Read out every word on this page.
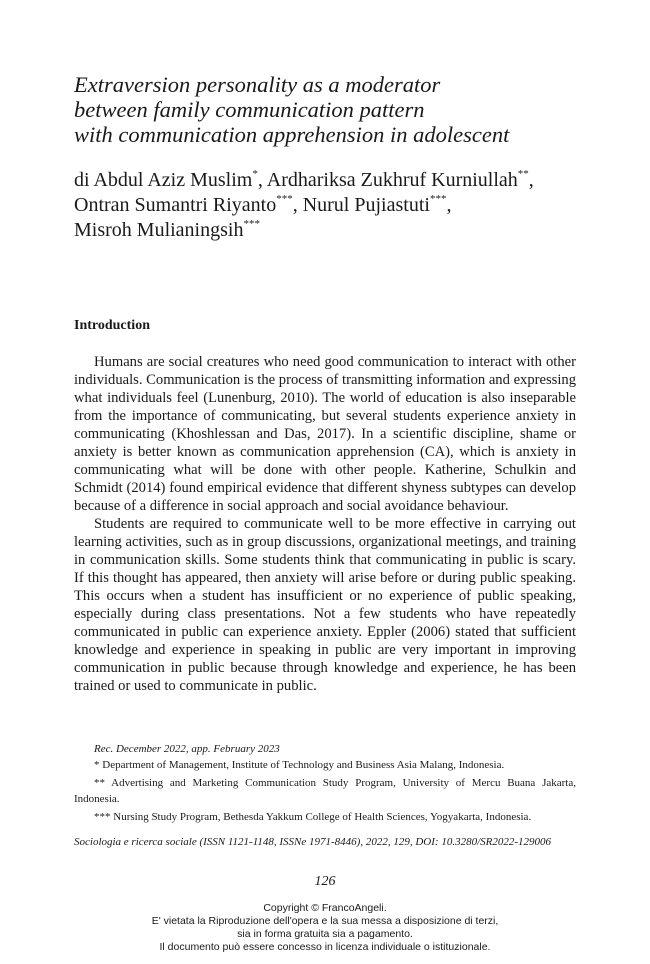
Extraversion personality as a moderator
between family communication pattern
with communication apprehension in adolescent
di Abdul Aziz Muslim*, Ardhariksa Zukhruf Kurniullah**,
Ontran Sumantri Riyanto***, Nurul Pujiastuti***,
Misroh Mulianingsih***
Introduction

Humans are social creatures who need good communication to interact with other individuals. Communication is the process of transmitting information and expressing what individuals feel (Lunenburg, 2010). The world of education is also inseparable from the importance of communicating, but several students experience anxiety in communicating (Khoshlessan and Das, 2017). In a scientific discipline, shame or anxiety is better known as communication apprehension (CA), which is anxiety in communicating what will be done with other people. Katherine, Schulkin and Schmidt (2014) found empirical evidence that different shyness subtypes can develop because of a difference in social approach and social avoidance behaviour.

Students are required to communicate well to be more effective in carrying out learning activities, such as in group discussions, organizational meetings, and training in communication skills. Some students think that communicating in public is scary. If this thought has appeared, then anxiety will arise before or during public speaking. This occurs when a student has insufficient or no experience of public speaking, especially during class presentations. Not a few students who have repeatedly communicated in public can experience anxiety. Eppler (2006) stated that sufficient knowledge and experience in speaking in public are very important in improving communication in public because through knowledge and experience, he has been trained or used to communicate in public.

Rec. December 2022, app. February 2023
* Department of Management, Institute of Technology and Business Asia Malang, Indonesia.
** Advertising and Marketing Communication Study Program, University of Mercu Buana Jakarta, Indonesia.
*** Nursing Study Program, Bethesda Yakkum College of Health Sciences, Yogyakarta, Indonesia.
Sociologia e ricerca sociale (ISSN 1121-1148, ISSNe 1971-8446), 2022, 129, DOI: 10.3280/SR2022-129006
126
Copyright © FrancoAngeli.
E' vietata la Riproduzione dell'opera e la sua messa a disposizione di terzi,
sia in forma gratuita sia a pagamento.
Il documento può essere concesso in licenza individuale o istituzionale.
